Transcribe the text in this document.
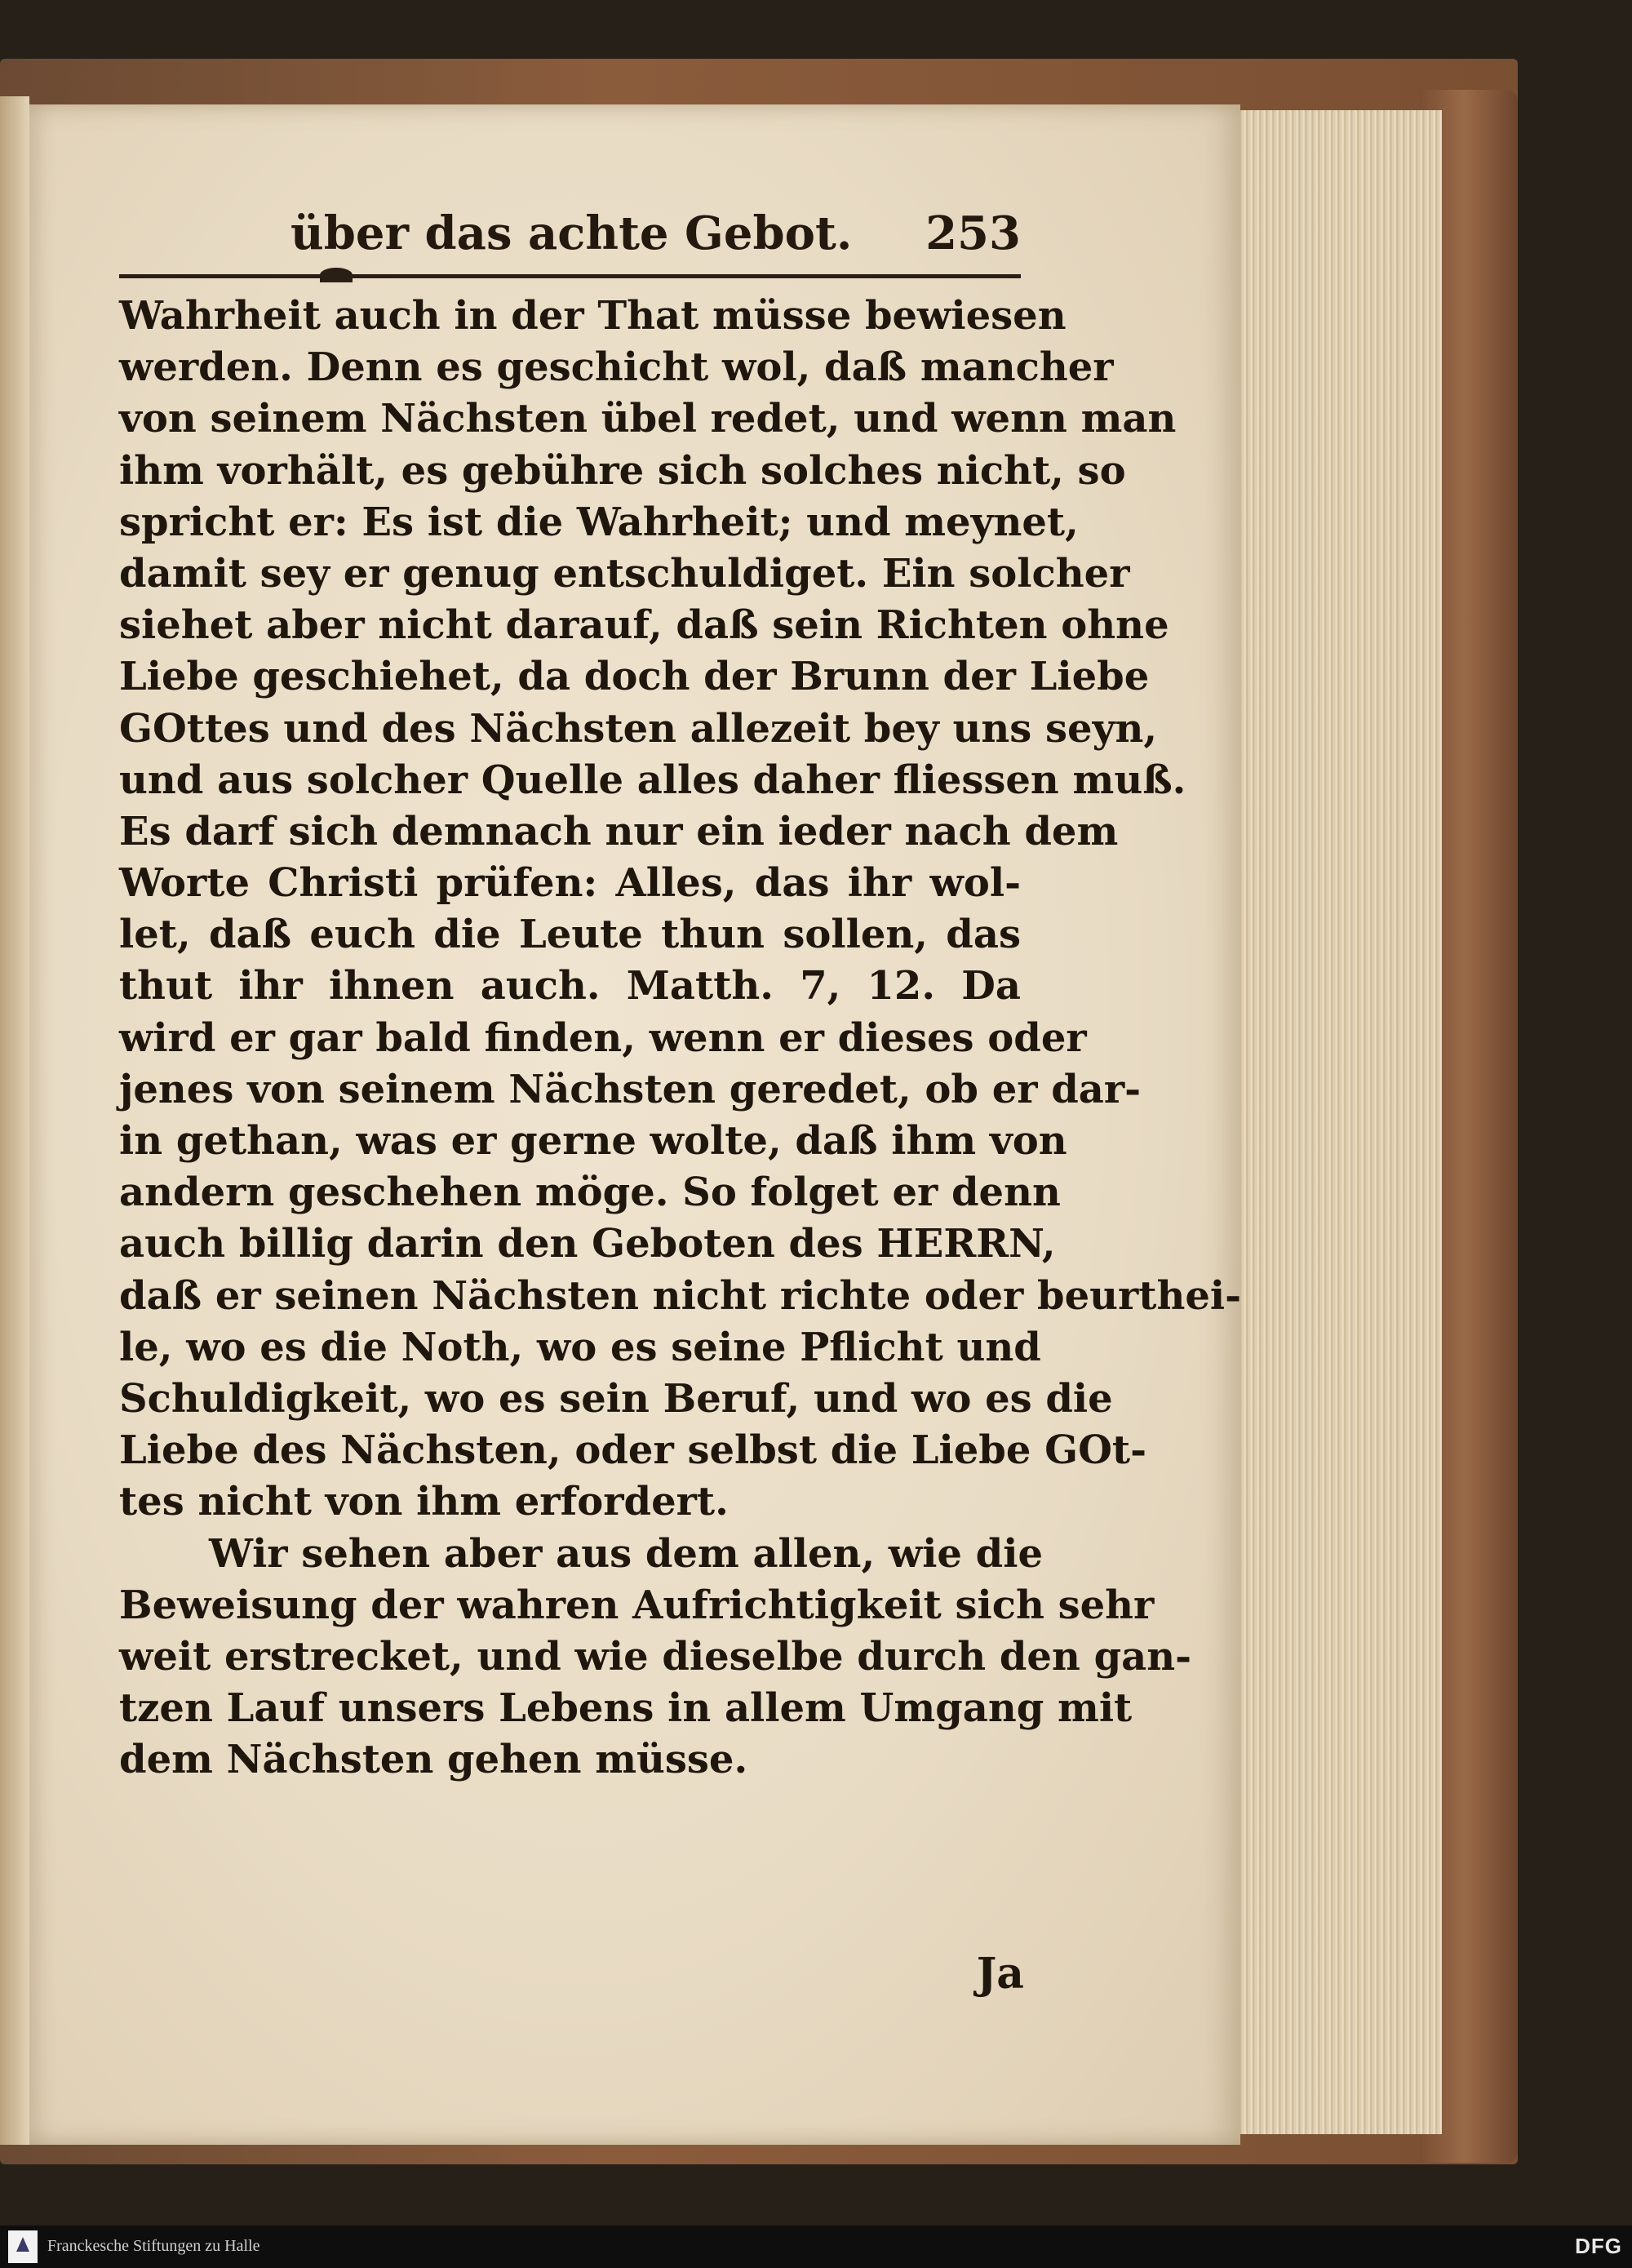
über das achte Gebot. 253
Wahrheit auch in der That müsse bewiesen
werden. Denn es geschicht wol, daß mancher
von seinem Nächsten übel redet, und wenn man
ihm vorhält, es gebühre sich solches nicht, so
spricht er: Es ist die Wahrheit; und meynet,
damit sey er genug entschuldiget. Ein solcher
siehet aber nicht darauf, daß sein Richten ohne
Liebe geschiehet, da doch der Brunn der Liebe
GOttes und des Nächsten allezeit bey uns seyn,
und aus solcher Quelle alles daher fliessen muß.
Es darf sich demnach nur ein ieder nach dem
Worte Christi prüfen: Alles, das ihr wol-
let, daß euch die Leute thun sollen, das
thut ihr ihnen auch. Matth. 7, 12. Da
wird er gar bald finden, wenn er dieses oder
jenes von seinem Nächsten geredet, ob er dar-
in gethan, was er gerne wolte, daß ihm von
andern geschehen möge. So folget er denn
auch billig darin den Geboten des HERRN,
daß er seinen Nächsten nicht richte oder beurthei-
le, wo es die Noth, wo es seine Pflicht und
Schuldigkeit, wo es sein Beruf, und wo es die
Liebe des Nächsten, oder selbst die Liebe GOt-
tes nicht von ihm erfordert.
Wir sehen aber aus dem allen, wie die
Beweisung der wahren Aufrichtigkeit sich sehr
weit erstrecket, und wie dieselbe durch den gan-
tzen Lauf unsers Lebens in allem Umgang mit
dem Nächsten gehen müsse.
Ja
Franckesche Stiftungen zu Halle	DFG
